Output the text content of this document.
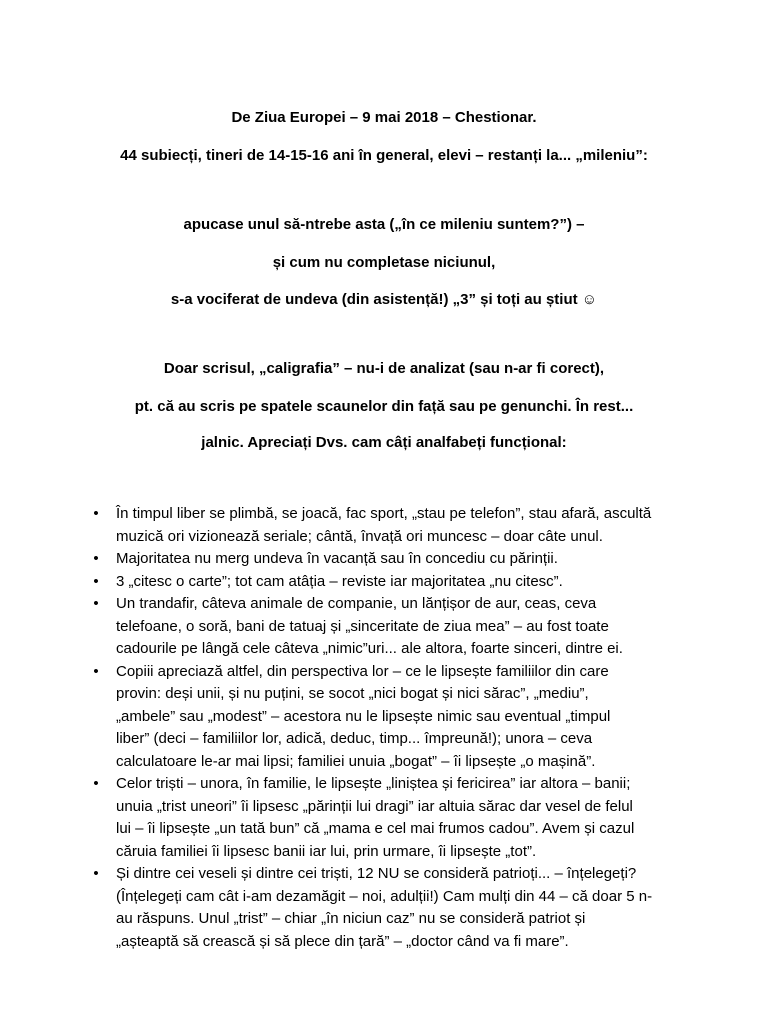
De Ziua Europei – 9 mai 2018 – Chestionar.
44 subiecți, tineri de 14-15-16 ani în general, elevi – restanți la... „mileniu”:
apucase unul să-ntrebe asta („în ce mileniu suntem?”) –
și cum nu completase niciunul,
s-a vociferat de undeva (din asistență!) „3” și toți au știut ☺
Doar scrisul, „caligrafia” – nu-i de analizat (sau n-ar fi corect),
pt. că au scris pe spatele scaunelor din față sau pe genunchi. În rest...
jalnic. Apreciați Dvs. cam câți analfabeți funcțional:
• În timpul liber se plimbă, se joacă, fac sport, „stau pe telefon”, stau afară, ascultă
muzică ori vizionează seriale; cântă, învață ori muncesc – doar câte unul.
• Majoritatea nu merg undeva în vacanță sau în concediu cu părinții.
• 3 „citesc o carte”; tot cam atâția – reviste iar majoritatea „nu citesc”.
• Un trandafir, câteva animale de companie, un lănțișor de aur, ceas, ceva
telefoane, o soră, bani de tatuaj și „sinceritate de ziua mea” – au fost toate
cadourile pe lângă cele câteva „nimic”uri... ale altora, foarte sinceri, dintre ei.
• Copiii apreciază altfel, din perspectiva lor – ce le lipsește familiilor din care
provin: deși unii, și nu puțini, se socot „nici bogat și nici sărac”, „mediu”,
„ambele” sau „modest” – acestora nu le lipsește nimic sau eventual „timpul
liber” (deci – familiilor lor, adică, deduc, timp... împreună!); unora – ceva
calculatoare le-ar mai lipsi; familiei unuia „bogat” – îi lipsește „o mașină”.
• Celor triști – unora, în familie, le lipsește „liniștea și fericirea” iar altora – banii;
unuia „trist uneori” îi lipsesc „părinții lui dragi” iar altuia sărac dar vesel de felul
lui – îi lipsește „un tată bun” că „mama e cel mai frumos cadou”. Avem și cazul
căruia familiei îi lipsesc banii iar lui, prin urmare, îi lipsește „tot”.
• Și dintre cei veseli și dintre cei triști, 12 NU se consideră patrioți... – înțelegeți?
(Înțelegeți cam cât i-am dezamăgit – noi, adulții!) Cam mulți din 44 – că doar 5 n-
au răspuns. Unul „trist” – chiar „în niciun caz” nu se consideră patriot și
„așteaptă să crească și să plece din țară” – „doctor când va fi mare”.
